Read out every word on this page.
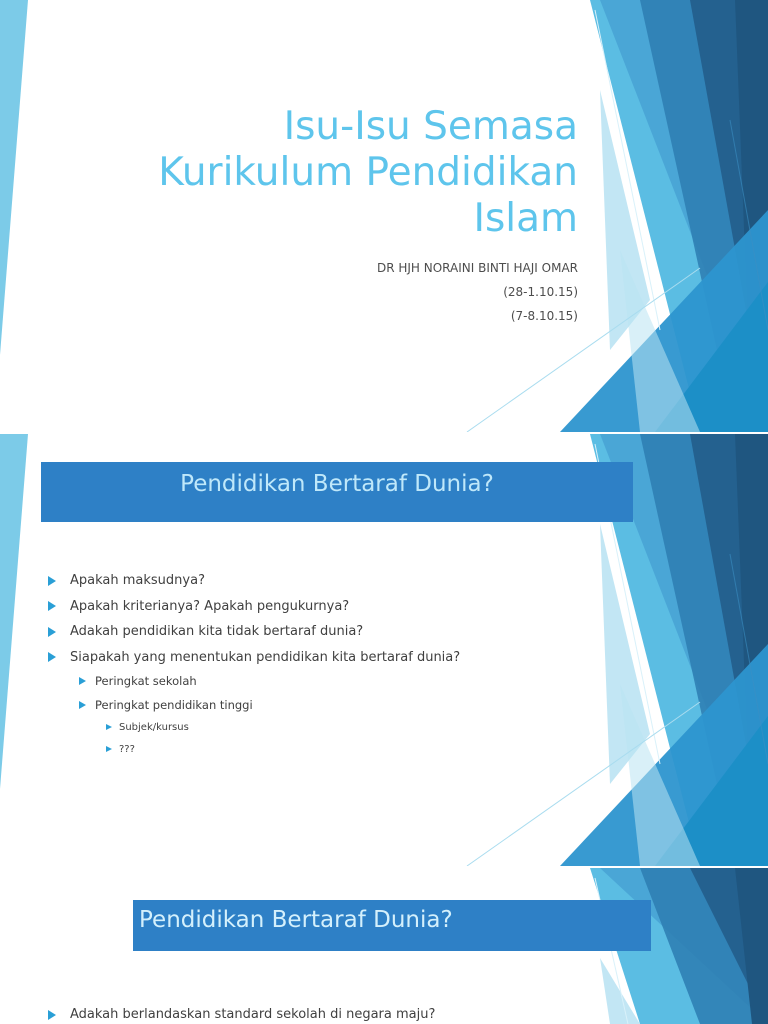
Isu-Isu Semasa
Kurikulum Pendidikan
Islam
DR HJH NORAINI BINTI HAJI OMAR
(28-1.10.15)
(7-8.10.15)
Pendidikan Bertaraf Dunia?
Apakah maksudnya?
Apakah kriterianya? Apakah pengukurnya?
Adakah pendidikan kita tidak bertaraf dunia?
Siapakah yang menentukan pendidikan kita bertaraf dunia?
Peringkat sekolah
Peringkat pendidikan tinggi
Subjek/kursus
???
Pendidikan Bertaraf Dunia?
Adakah berlandaskan standard sekolah di negara maju?
